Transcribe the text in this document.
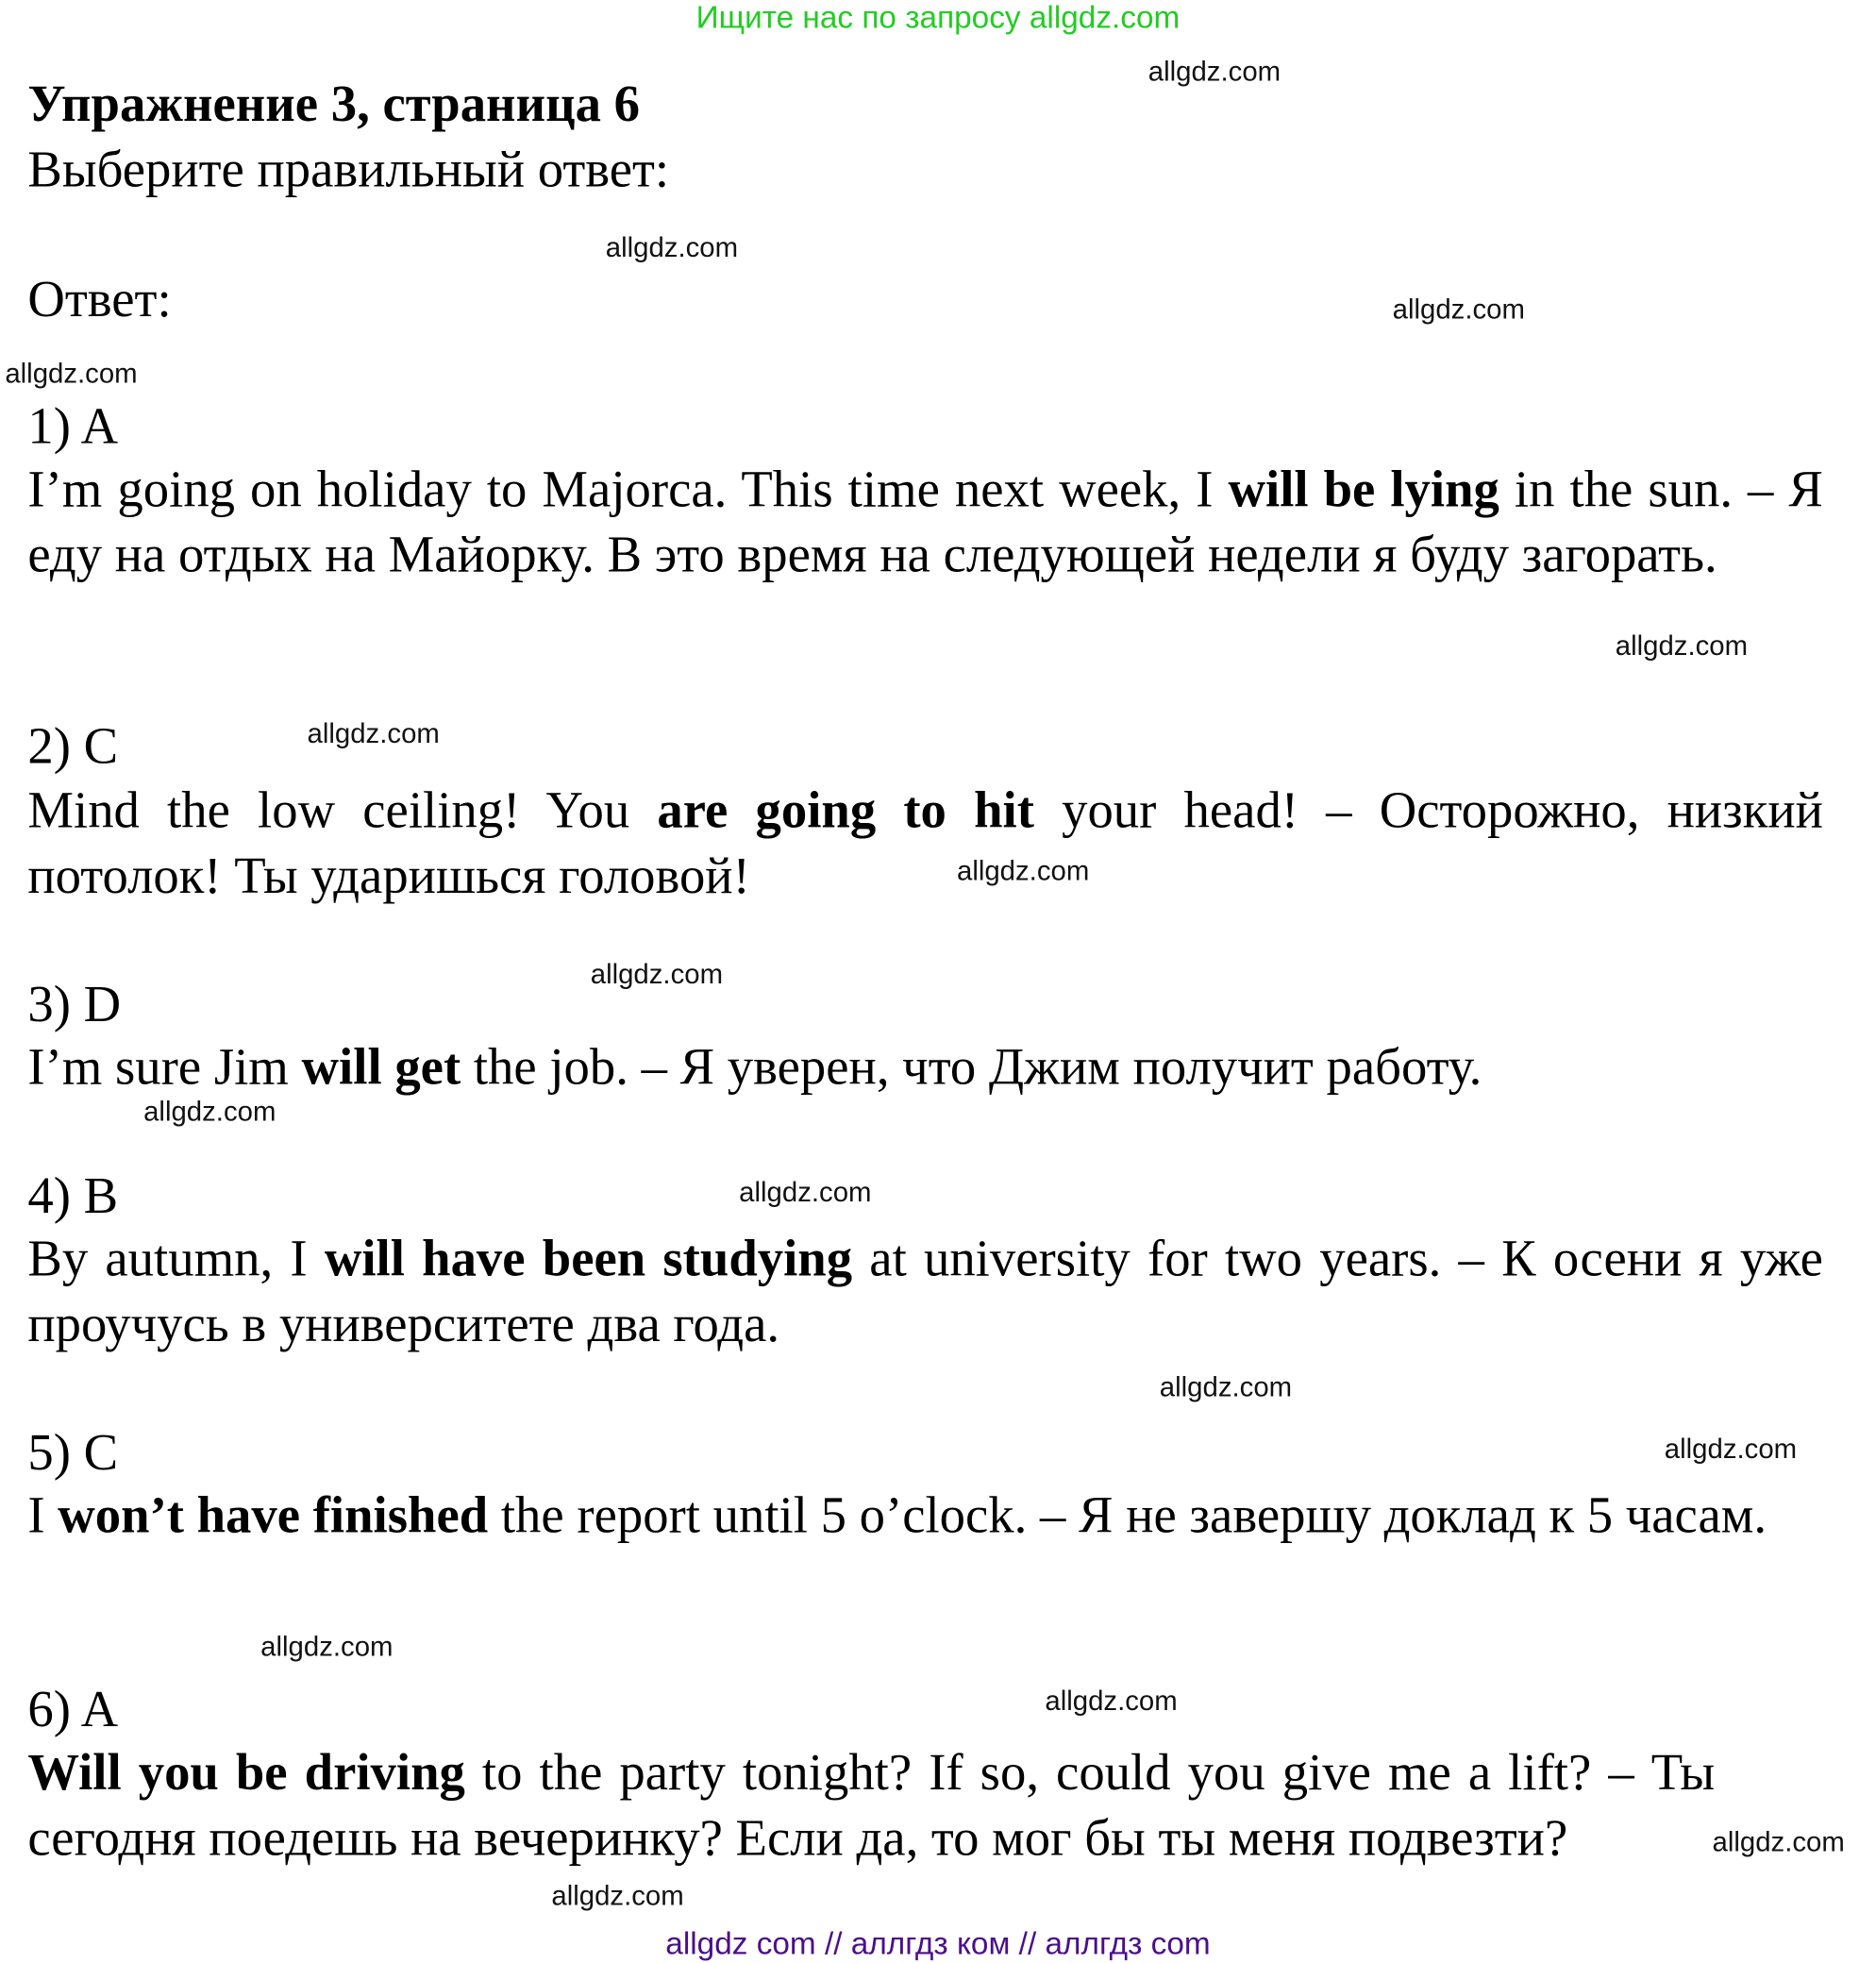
Ищите нас по запросу allgdz.com
Упражнение 3, страница 6
Выберите правильный ответ:
Ответ:
1) A
I’m going on holiday to Majorca. This time next week, I will be lying in the sun. – Я еду на отдых на Майорку. В это время на следующей недели я буду загорать.
2) C
Mind the low ceiling! You are going to hit your head! – Осторожно, низкий потолок! Ты ударишься головой!
3) D
I’m sure Jim will get the job. – Я уверен, что Джим получит работу.
4) B
By autumn, I will have been studying at university for two years. – К осени я уже проучусь в университете два года.
5) C
I won’t have finished the report until 5 o’clock. – Я не завершу доклад к 5 часам.
6) A
Will you be driving to the party tonight? If so, could you give me a lift? – Ты сегодня поедешь на вечеринку? Если да, то мог бы ты меня подвезти?
allgdz.com
allgdz.com
allgdz.com
allgdz.com
allgdz.com
allgdz.com
allgdz.com
allgdz.com
allgdz.com
allgdz.com
allgdz.com
allgdz.com
allgdz.com
allgdz.com
allgdz.com
allgdz.com
allgdz com // аллгдз ком // аллгдз com
